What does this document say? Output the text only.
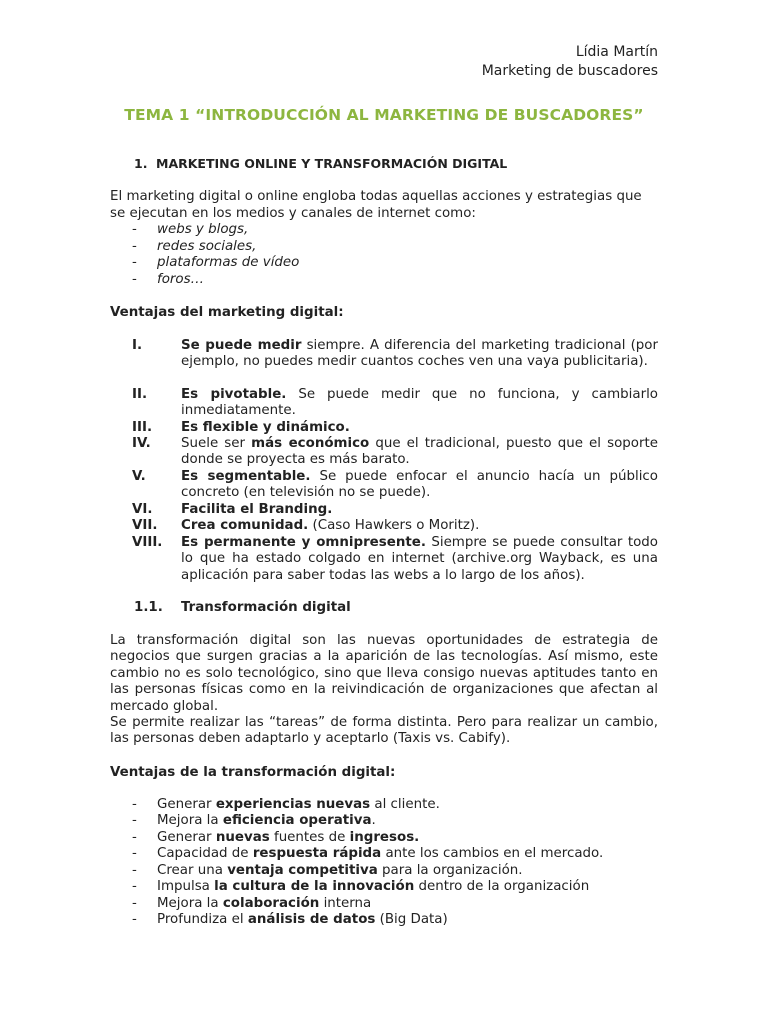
Lídia Martín
Marketing de buscadores
TEMA 1 “INTRODUCCIÓN AL MARKETING DE BUSCADORES”
1. MARKETING ONLINE Y TRANSFORMACIÓN DIGITAL
El marketing digital o online engloba todas aquellas acciones y estrategias que
se ejecutan en los medios y canales de internet como:
- webs y blogs,
- redes sociales,
- plataformas de vídeo
- foros…
Ventajas del marketing digital:
I.	Se puede medir siempre. A diferencia del marketing tradicional (por ejemplo, no puedes medir cuantos coches ven una vaya publicitaria).
II.	Es pivotable. Se puede medir que no funciona, y cambiarlo inmediatamente.
III. Es flexible y dinámico.
IV. Suele ser más económico que el tradicional, puesto que el soporte donde se proyecta es más barato.
V.	Es segmentable. Se puede enfocar el anuncio hacía un público concreto (en televisión no se puede).
VI. Facilita el Branding.
VII. Crea comunidad. (Caso Hawkers o Moritz).
VIII. Es permanente y omnipresente. Siempre se puede consultar todo lo que ha estado colgado en internet (archive.org Wayback, es una aplicación para saber todas las webs a lo largo de los años).
1.1. Transformación digital
La transformación digital son las nuevas oportunidades de estrategia de negocios que surgen gracias a la aparición de las tecnologías. Así mismo, este cambio no es solo tecnológico, sino que lleva consigo nuevas aptitudes tanto en las personas físicas como en la reivindicación de organizaciones que afectan al mercado global.
Se permite realizar las “tareas” de forma distinta. Pero para realizar un cambio, las personas deben adaptarlo y aceptarlo (Taxis vs. Cabify).
Ventajas de la transformación digital:
- Generar experiencias nuevas al cliente.
- Mejora la eficiencia operativa.
- Generar nuevas fuentes de ingresos.
- Capacidad de respuesta rápida ante los cambios en el mercado.
- Crear una ventaja competitiva para la organización.
- Impulsa la cultura de la innovación dentro de la organización
- Mejora la colaboración interna
- Profundiza el análisis de datos (Big Data)
